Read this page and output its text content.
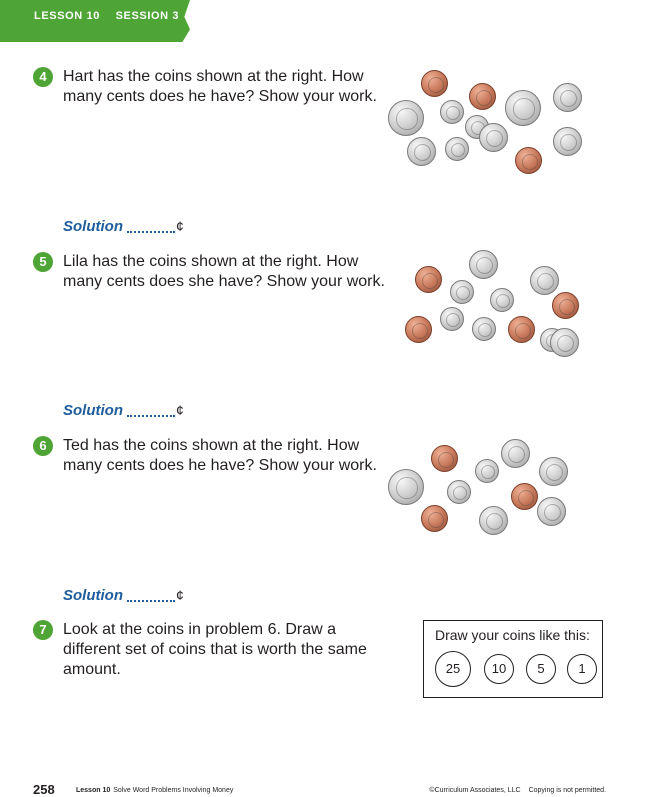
LESSON 10 SESSION 3
4	Hart has the coins shown at the right. How many cents does he have? Show your work.
Solution	¢
5	Lila has the coins shown at the right. How many cents does she have? Show your work.
Solution	¢
6	Ted has the coins shown at the right. How many cents does he have? Show your work.
Solution	¢
7	Look at the coins in problem 6. Draw a different set of coins that is worth the same amount.
Draw your coins like this:
25	10	5	1
258	Lesson 10 Solve Word Problems Involving Money	©Curriculum Associates, LLC Copying is not permitted.
